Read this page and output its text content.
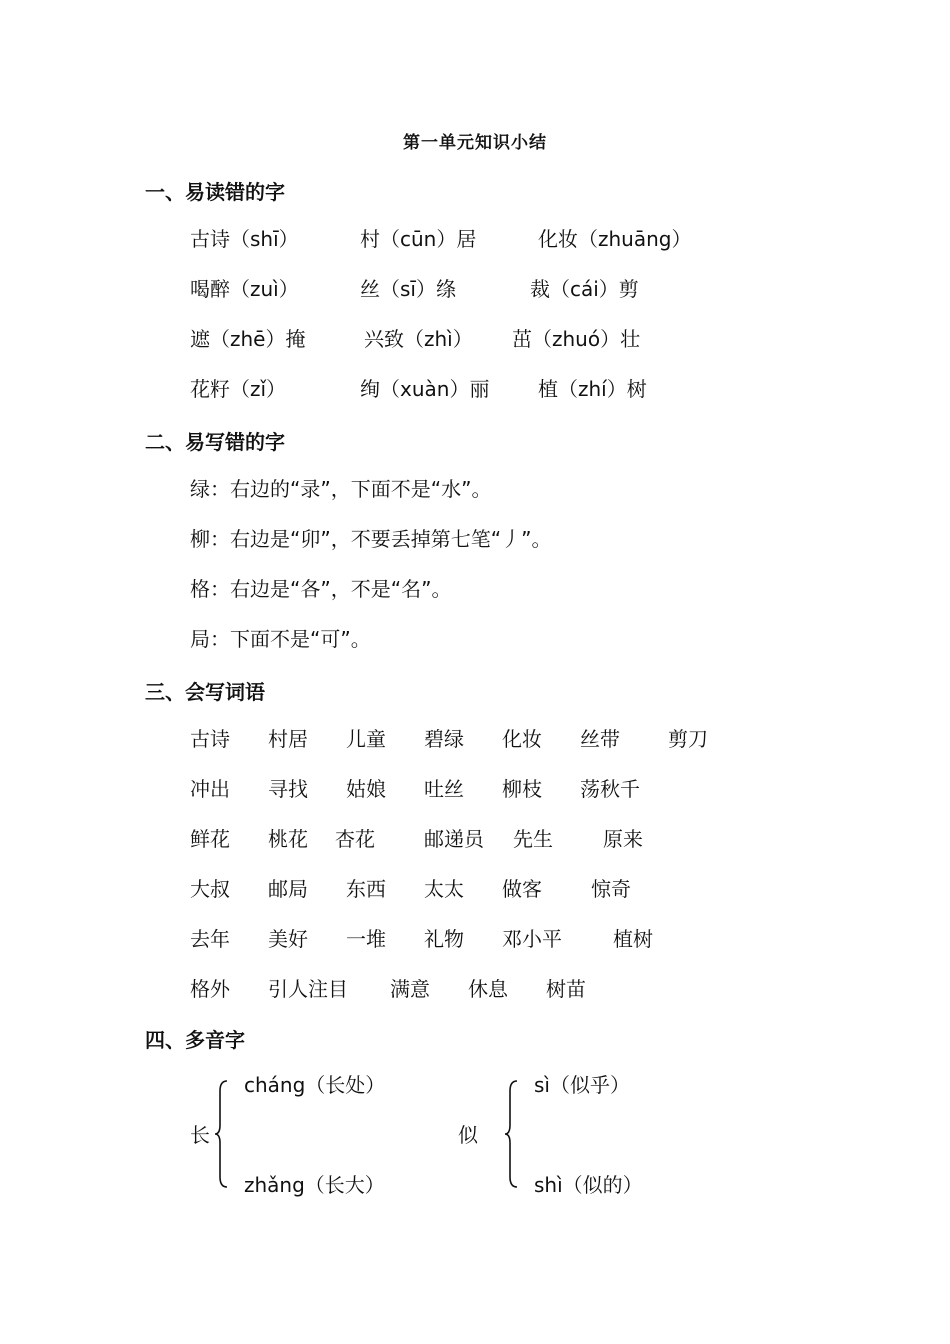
第一单元知识小结
一、易读错的字
古诗（shī）	村（cūn）居	化妆（zhuāng）
喝醉（zuì）	丝（sī）绦	裁（cái）剪
遮（zhē）掩	兴致（zhì） 茁（zhuó）壮
花籽（zǐ）	绚（xuàn）丽 植（zhí）树
二、易写错的字
绿：右边的“录”，下面不是“水”。
柳：右边是“卯”，不要丢掉第七笔“丿”。
格：右边是“各”，不是“名”。
局：下面不是“可”。
三、会写词语
古诗 村居 儿童 碧绿 化妆 丝带 剪刀
冲出 寻找 姑娘 吐丝 柳枝 荡秋千
鲜花 桃花 杏花 邮递员 先生	原来
大叔 邮局 东西 太太 做客 惊奇
去年 美好 一堆 礼物 邓小平	植树
格外 引人注目 满意 休息 树苗
四、多音字
长
cháng（长处）
zhǎng（长大）
似
sì（似乎）
shì（似的）
